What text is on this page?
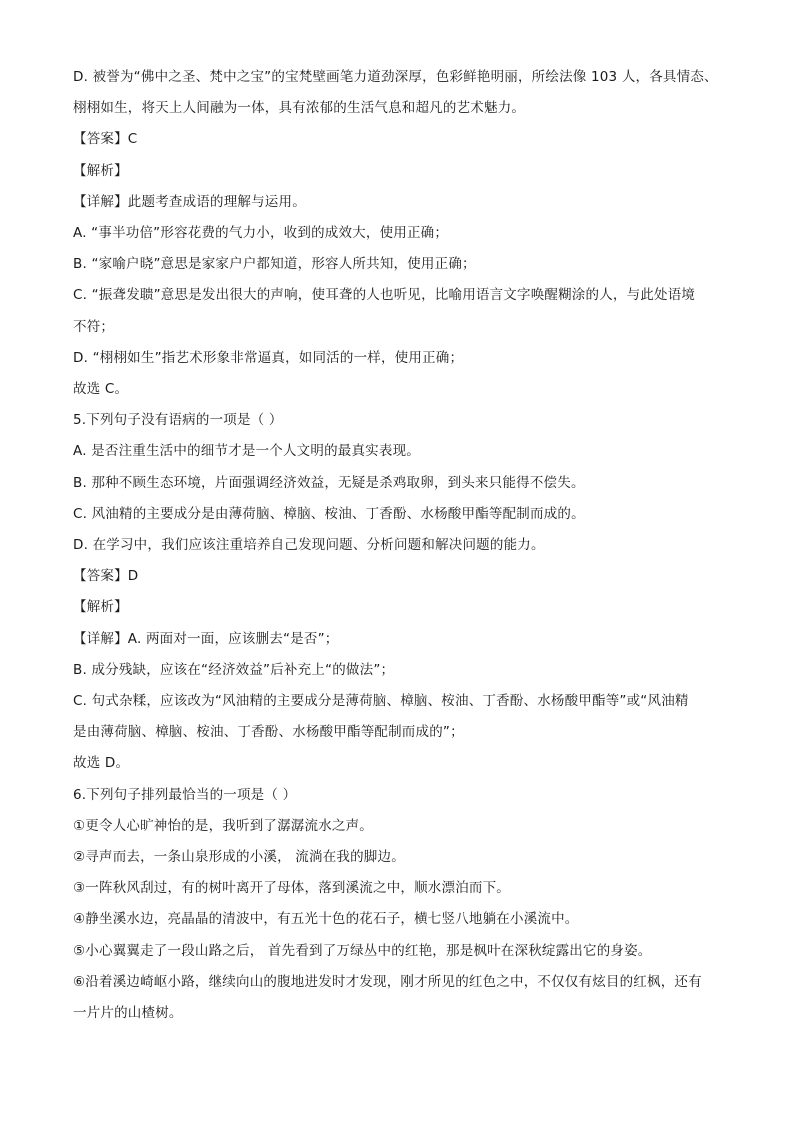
D. 被誉为“佛中之圣、梵中之宝”的宝梵壁画笔力道劲深厚，色彩鲜艳明丽，所绘法像 103 人，各具情态、
栩栩如生，将天上人间融为一体，具有浓郁的生活气息和超凡的艺术魅力。
【答案】C
【解析】
【详解】此题考查成语的理解与运用。
A. “事半功倍”形容花费的气力小，收到的成效大，使用正确；
B. “家喻户晓”意思是家家户户都知道，形容人所共知，使用正确；
C. “振聋发聩”意思是发出很大的声响，使耳聋的人也听见，比喻用语言文字唤醒糊涂的人，与此处语境
不符；
D. “栩栩如生”指艺术形象非常逼真，如同活的一样，使用正确；
故选 C。
5.下列句子没有语病的一项是（ ）
A. 是否注重生活中的细节才是一个人文明的最真实表现。
B. 那种不顾生态环境，片面强调经济效益，无疑是杀鸡取卵，到头来只能得不偿失。
C. 风油精的主要成分是由薄荷脑、樟脑、桉油、丁香酚、水杨酸甲酯等配制而成的。
D. 在学习中，我们应该注重培养自己发现问题、分析问题和解决问题的能力。
【答案】D
【解析】
【详解】A. 两面对一面，应该删去“是否”；
B. 成分残缺，应该在“经济效益”后补充上“的做法”；
C. 句式杂糅，应该改为“风油精的主要成分是薄荷脑、樟脑、桉油、丁香酚、水杨酸甲酯等”或“风油精
是由薄荷脑、樟脑、桉油、丁香酚、水杨酸甲酯等配制而成的”；
故选 D。
6.下列句子排列最恰当的一项是（ ）
①更令人心旷神怡的是，我听到了潺潺流水之声。
②寻声而去，一条山泉形成的小溪， 流淌在我的脚边。
③一阵秋风刮过，有的树叶离开了母体，落到溪流之中，顺水漂泊而下。
④静坐溪水边，亮晶晶的清波中，有五光十色的花石子，横七竖八地躺在小溪流中。
⑤小心翼翼走了一段山路之后， 首先看到了万绿丛中的红艳，那是枫叶在深秋绽露出它的身姿。
⑥沿着溪边崎岖小路，继续向山的腹地进发时才发现，刚才所见的红色之中，不仅仅有炫目的红枫，还有
一片片的山楂树。
